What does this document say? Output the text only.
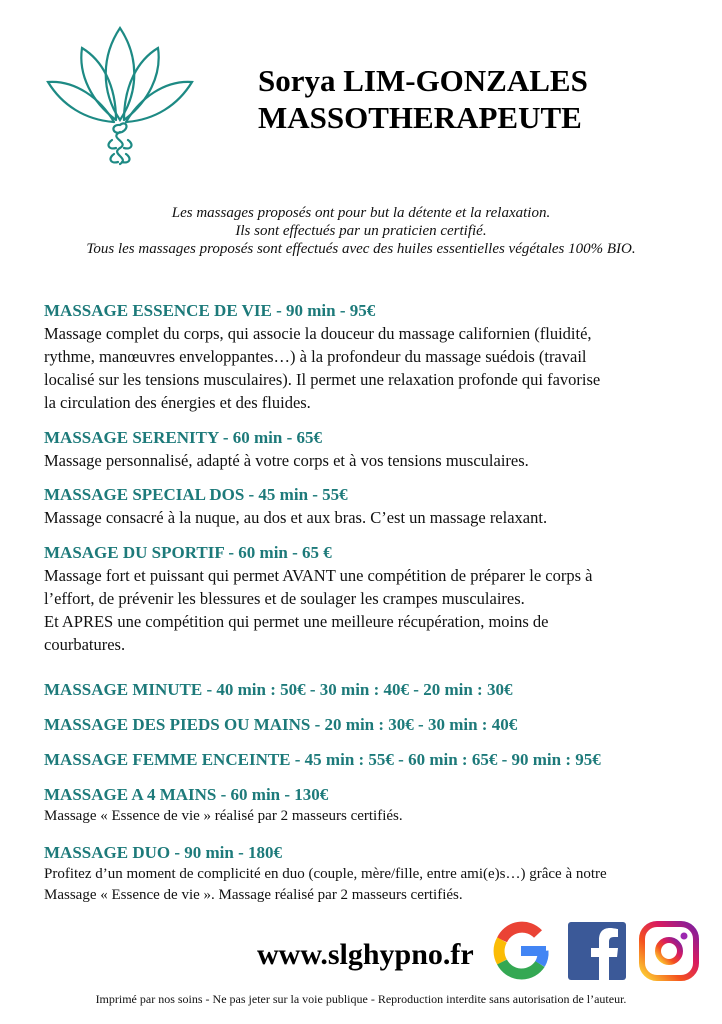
Sorya LIM-GONZALES
MASSOTHERAPEUTE
Les massages proposés ont pour but la détente et la relaxation.
Ils sont effectués par un praticien certifié.
Tous les massages proposés sont effectués avec des huiles essentielles végétales 100% BIO.
MASSAGE ESSENCE DE VIE - 90 min - 95€
Massage complet du corps, qui associe la douceur du massage californien (fluidité,
rythme, manœuvres enveloppantes…) à la profondeur du massage suédois (travail
localisé sur les tensions musculaires). Il permet une relaxation profonde qui favorise
la circulation des énergies et des fluides.
MASSAGE SERENITY - 60 min - 65€
Massage personnalisé, adapté à votre corps et à vos tensions musculaires.
MASSAGE SPECIAL DOS - 45 min - 55€
Massage consacré à la nuque, au dos et aux bras. C’est un massage relaxant.
MASAGE DU SPORTIF - 60 min - 65 €
Massage fort et puissant qui permet AVANT une compétition de préparer le corps à
l’effort, de prévenir les blessures et de soulager les crampes musculaires.
Et APRES une compétition qui permet une meilleure récupération, moins de
courbatures.
MASSAGE MINUTE - 40 min : 50€ - 30 min : 40€ - 20 min : 30€
MASSAGE DES PIEDS OU MAINS - 20 min : 30€ - 30 min : 40€
MASSAGE FEMME ENCEINTE - 45 min : 55€ - 60 min : 65€ - 90 min : 95€
MASSAGE A 4 MAINS - 60 min - 130€
Massage « Essence de vie » réalisé par 2 masseurs certifiés.
MASSAGE DUO - 90 min - 180€
Profitez d’un moment de complicité en duo (couple, mère/fille, entre ami(e)s…) grâce à notre
Massage « Essence de vie ». Massage réalisé par 2 masseurs certifiés.
www.slghypno.fr
Imprimé par nos soins - Ne pas jeter sur la voie publique - Reproduction interdite sans autorisation de l’auteur.
